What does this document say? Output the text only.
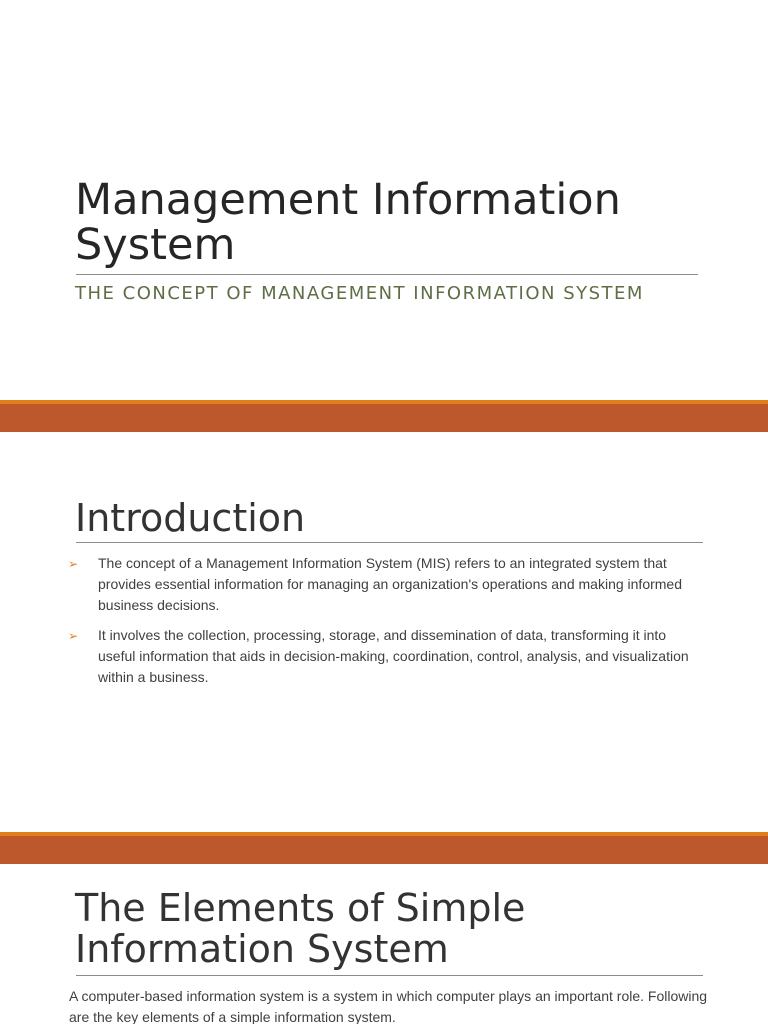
Management Information System
THE CONCEPT OF MANAGEMENT INFORMATION SYSTEM
Introduction
➢ The concept of a Management Information System (MIS) refers to an integrated system that provides essential information for managing an organization's operations and making informed business decisions.
➢ It involves the collection, processing, storage, and dissemination of data, transforming it into useful information that aids in decision-making, coordination, control, analysis, and visualization within a business.
The Elements of Simple Information System

A computer-based information system is a system in which computer plays an important role. Following are the key elements of a simple information system.
